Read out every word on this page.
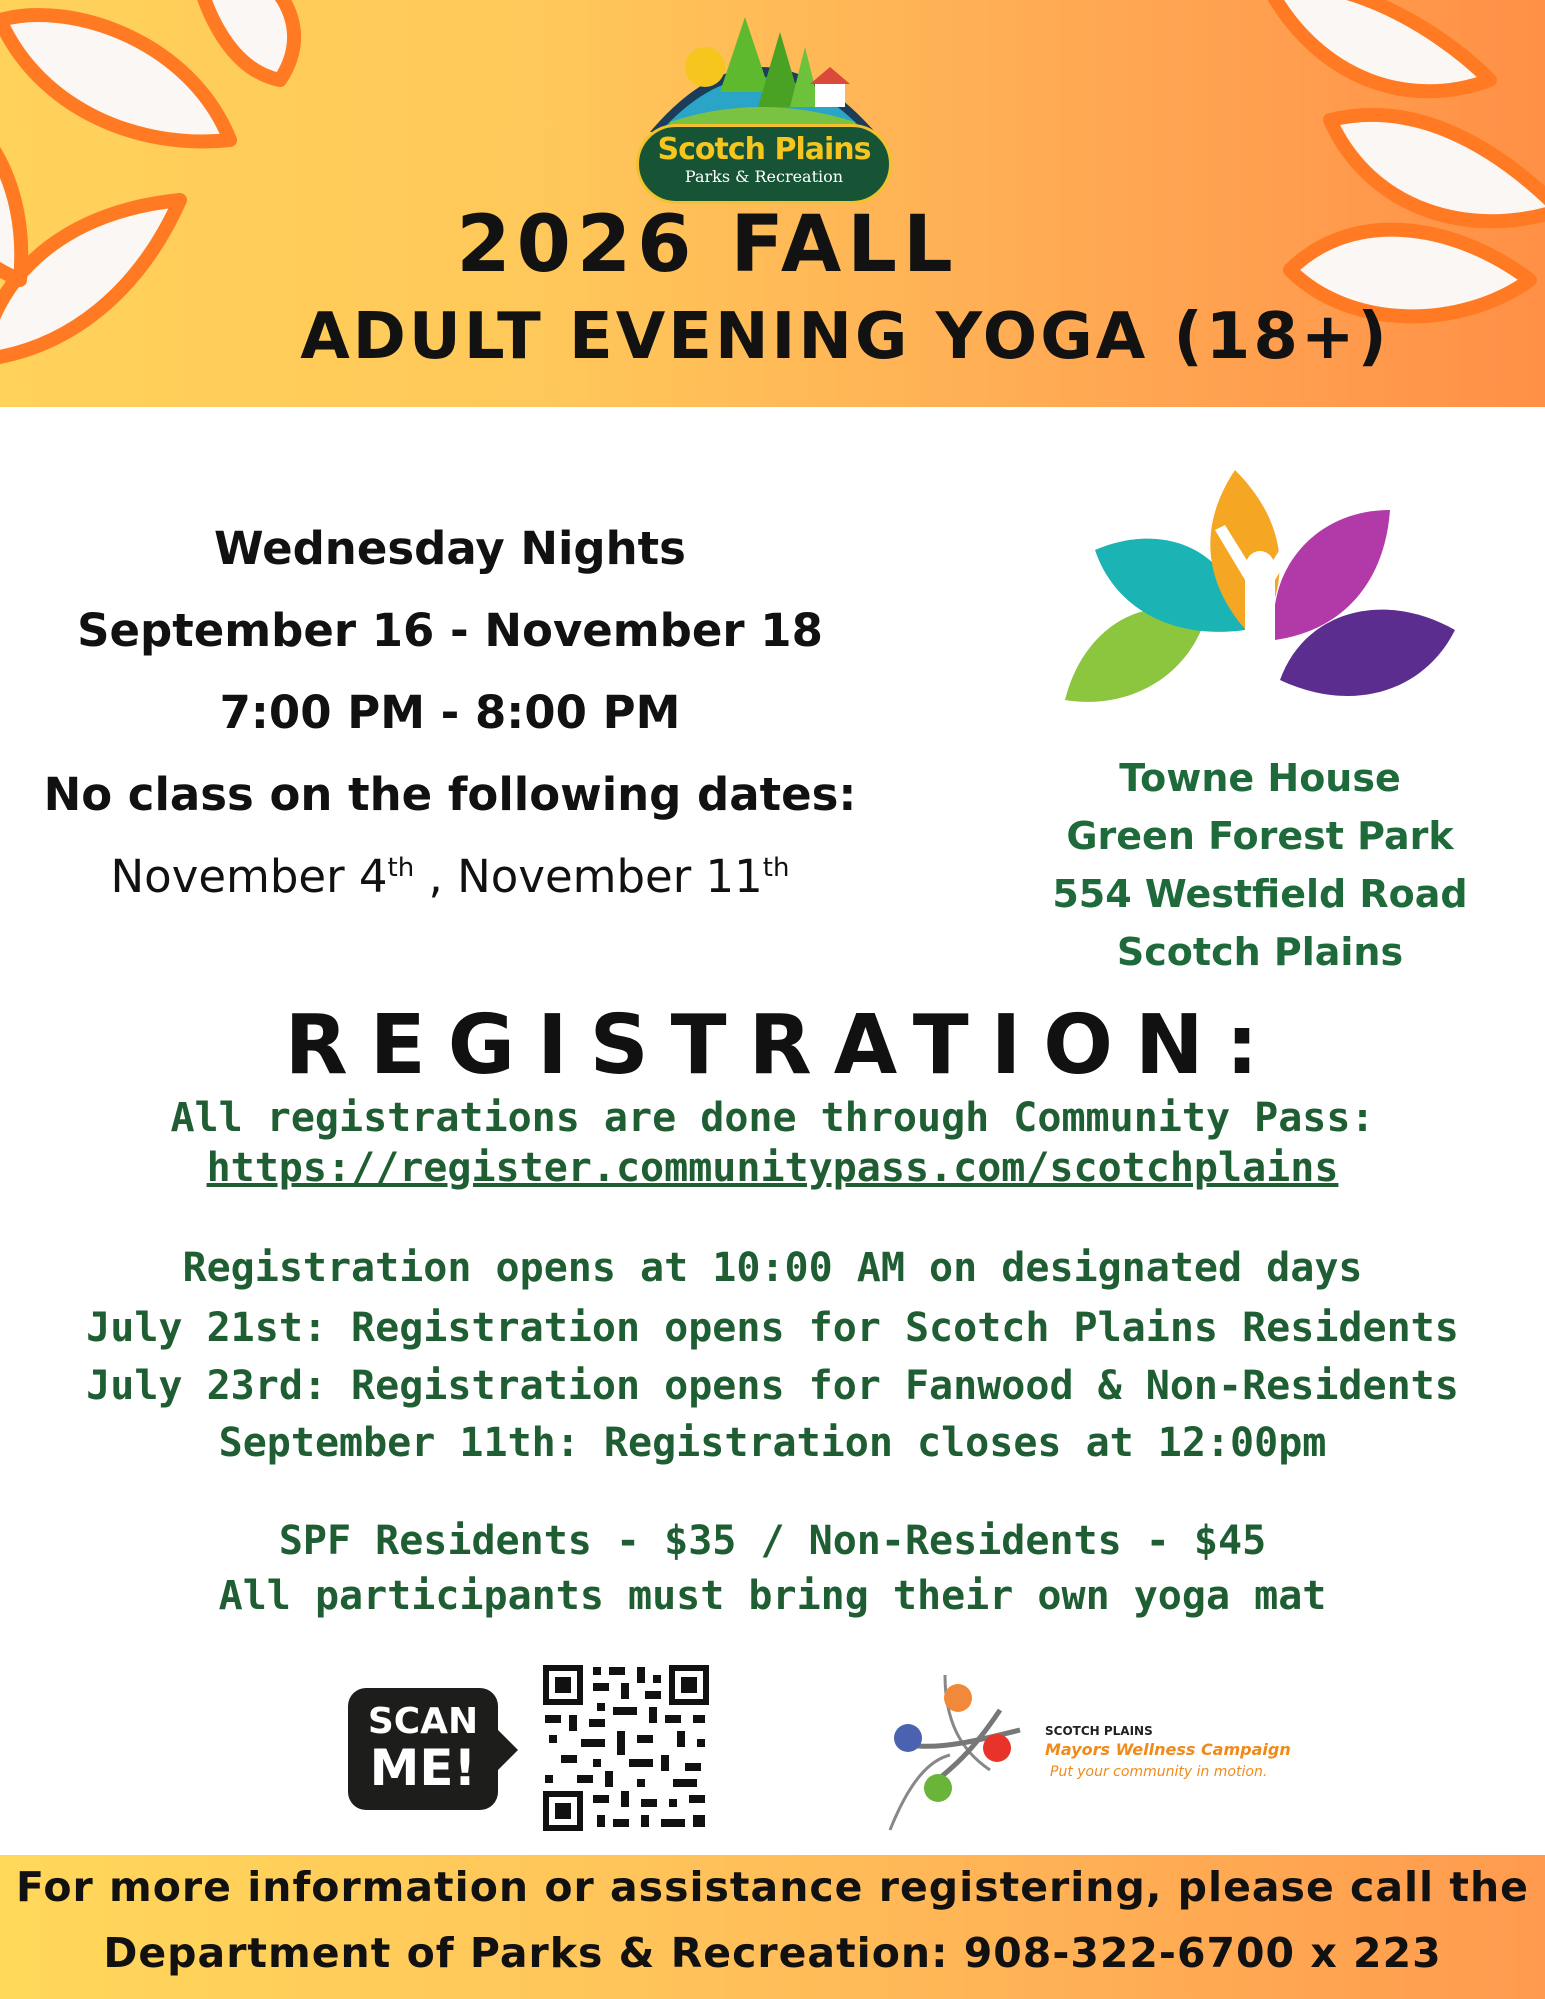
Scotch Plains
Parks & Recreation
2026 FALL
ADULT EVENING YOGA (18+)
Wednesday Nights
September 16 - November 18
7:00 PM - 8:00 PM
No class on the following dates:
November 4th , November 11th
Towne House
Green Forest Park
554 Westfield Road
Scotch Plains
REGISTRATION:
All registrations are done through Community Pass:
https://register.communitypass.com/scotchplains
Registration opens at 10:00 AM on designated days
July 21st: Registration opens for Scotch Plains Residents
July 23rd: Registration opens for Fanwood & Non-Residents
September 11th: Registration closes at 12:00pm
SPF Residents - $35 / Non-Residents - $45
All participants must bring their own yoga mat
SCAN
ME!
SCOTCH PLAINS
Mayors Wellness Campaign
Put your community in motion.
For more information or assistance registering, please call the
Department of Parks & Recreation: 908-322-6700 x 223
